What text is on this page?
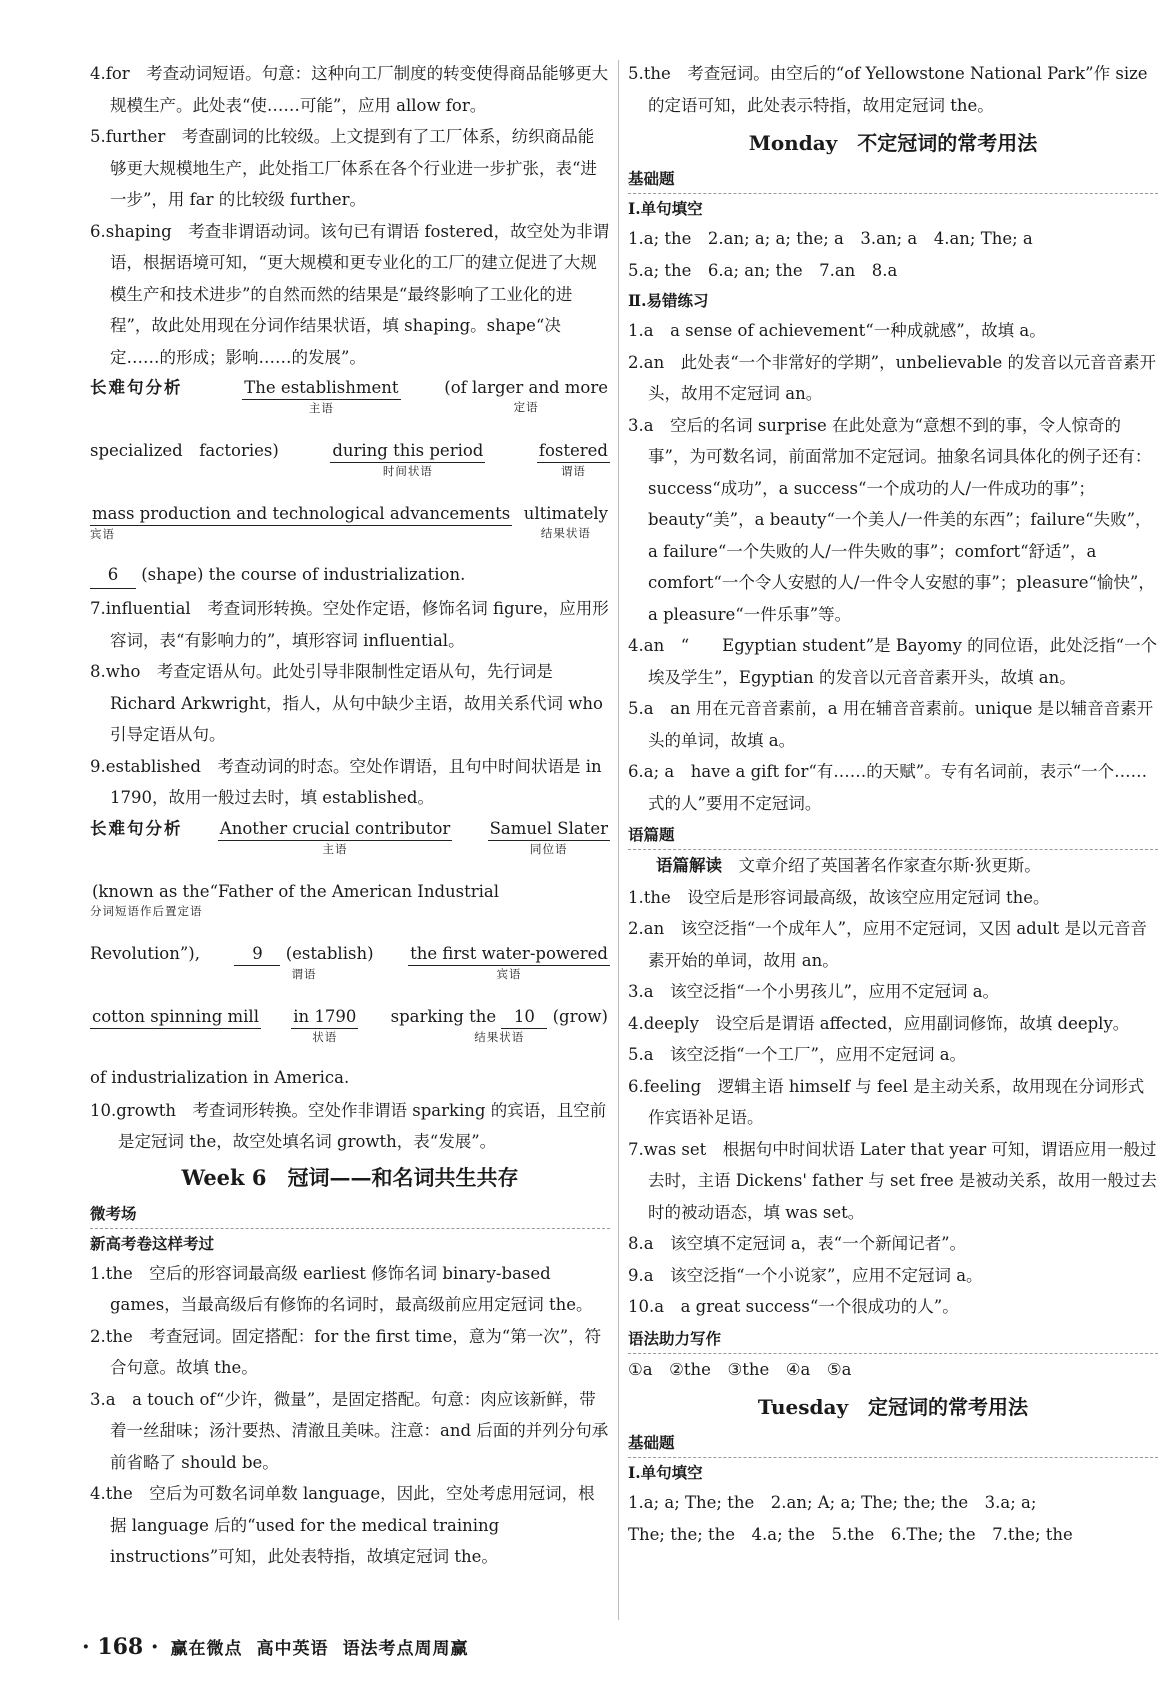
4.for　考查动词短语。句意：这种向工厂制度的转变使得商品能够更大规模生产。此处表“使……可能”，应用 allow for。

5.further　考查副词的比较级。上文提到有了工厂体系，纺织商品能够更大规模地生产，此处指工厂体系在各个行业进一步扩张，表“进一步”，用 far 的比较级 further。

6.shaping　考查非谓语动词。该句已有谓语 fostered，故空处为非谓语，根据语境可知，“更大规模和更专业化的工厂的建立促进了大规模生产和技术进步”的自然而然的结果是“最终影响了工业化的进程”，故此处用现在分词作结果状语，填 shaping。shape“决定……的形成；影响……的发展”。

长难句分析	The establishment
主语
(of larger and more
定语
specialized　factories)	during this period
时间状语
fostered
谓语
mass production and technological advancements
宾语
ultimately
结果状语

6 (shape) the course of industrialization.

7.influential　考查词形转换。空处作定语，修饰名词 figure，应用形容词，表“有影响力的”，填形容词 influential。

8.who　考查定语从句。此处引导非限制性定语从句，先行词是 Richard Arkwright，指人，从句中缺少主语，故用关系代词 who 引导定语从句。

9.established　考查动词的时态。空处作谓语，且句中时间状语是 in 1790，故用一般过去时，填 established。

长难句分析 Another crucial contributor
主语
Samuel Slater
同位语
(known as the“Father of the American Industrial
分词短语作后置定语
Revolution”),	9 (establish)
谓语
the first water-powered
宾语
cotton spinning mill
in 1790
状语
sparking the 10 (grow)
结果状语

of industrialization in America.

10.growth　考查词形转换。空处作非谓语 sparking 的宾语，且空前是定冠词 the，故空处填名词 growth，表“发展”。

Week 6　冠词——和名词共生共存
微考场
新高考卷这样考过

1.the　空后的形容词最高级 earliest 修饰名词 binary-based games，当最高级后有修饰的名词时，最高级前应用定冠词 the。

2.the　考查冠词。固定搭配：for the first time，意为“第一次”，符合句意。故填 the。

3.a　a touch of“少许，微量”，是固定搭配。句意：肉应该新鲜，带着一丝甜味；汤汁要热、清澈且美味。注意：and 后面的并列分句承前省略了 should be。

4.the　空后为可数名词单数 language，因此，空处考虑用冠词，根据 language 后的“used for the medical training instructions”可知，此处表特指，故填定冠词 the。

5.the　考查冠词。由空后的“of Yellowstone National Park”作 size 的定语可知，此处表示特指，故用定冠词 the。

Monday　不定冠词的常考用法
基础题
Ⅰ.单句填空

1.a; the　2.an; a; a; the; a　3.an; a　4.an; The; a

5.a; the　6.a; an; the　7.an　8.a

Ⅱ.易错练习

1.a　a sense of achievement“一种成就感”，故填 a。

2.an　此处表“一个非常好的学期”，unbelievable 的发音以元音音素开头，故用不定冠词 an。

3.a　空后的名词 surprise 在此处意为“意想不到的事，令人惊奇的事”，为可数名词，前面常加不定冠词。抽象名词具体化的例子还有：success“成功”，a success“一个成功的人/一件成功的事”；beauty“美”，a beauty“一个美人/一件美的东西”；failure“失败”，a failure“一个失败的人/一件失败的事”；comfort“舒适”，a comfort“一个令人安慰的人/一件令人安慰的事”；pleasure“愉快”，a pleasure“一件乐事”等。

4.an　“　　Egyptian student”是 Bayomy 的同位语，此处泛指“一个埃及学生”，Egyptian 的发音以元音音素开头，故填 an。

5.a　an 用在元音音素前，a 用在辅音音素前。unique 是以辅音音素开头的单词，故填 a。

6.a; a　have a gift for“有……的天赋”。专有名词前，表示“一个……式的人”要用不定冠词。

语篇题

语篇解读　 文章介绍了英国著名作家查尔斯·狄更斯。

1.the　设空后是形容词最高级，故该空应用定冠词 the。

2.an　该空泛指“一个成年人”，应用不定冠词，又因 adult 是以元音音素开始的单词，故用 an。

3.a　该空泛指“一个小男孩儿”，应用不定冠词 a。

4.deeply　设空后是谓语 affected，应用副词修饰，故填 deeply。

5.a　该空泛指“一个工厂”，应用不定冠词 a。

6.feeling　逻辑主语 himself 与 feel 是主动关系，故用现在分词形式作宾语补足语。

7.was set　根据句中时间状语 Later that year 可知，谓语应用一般过去时，主语 Dickens' father 与 set free 是被动关系，故用一般过去时的被动语态，填 was set。

8.a　该空填不定冠词 a，表“一个新闻记者”。

9.a　该空泛指“一个小说家”，应用不定冠词 a。

10.a　a great success“一个很成功的人”。

语法助力写作

①a　②the　③the　④a　⑤a

Tuesday　定冠词的常考用法
基础题
Ⅰ.单句填空

1.a; a; The; the　2.an; A; a; The; the; the　3.a; a;

The; the; the　4.a; the　5.the　6.The; the　7.the; the

· 168 · 赢在微点 高中英语 语法考点周周赢
